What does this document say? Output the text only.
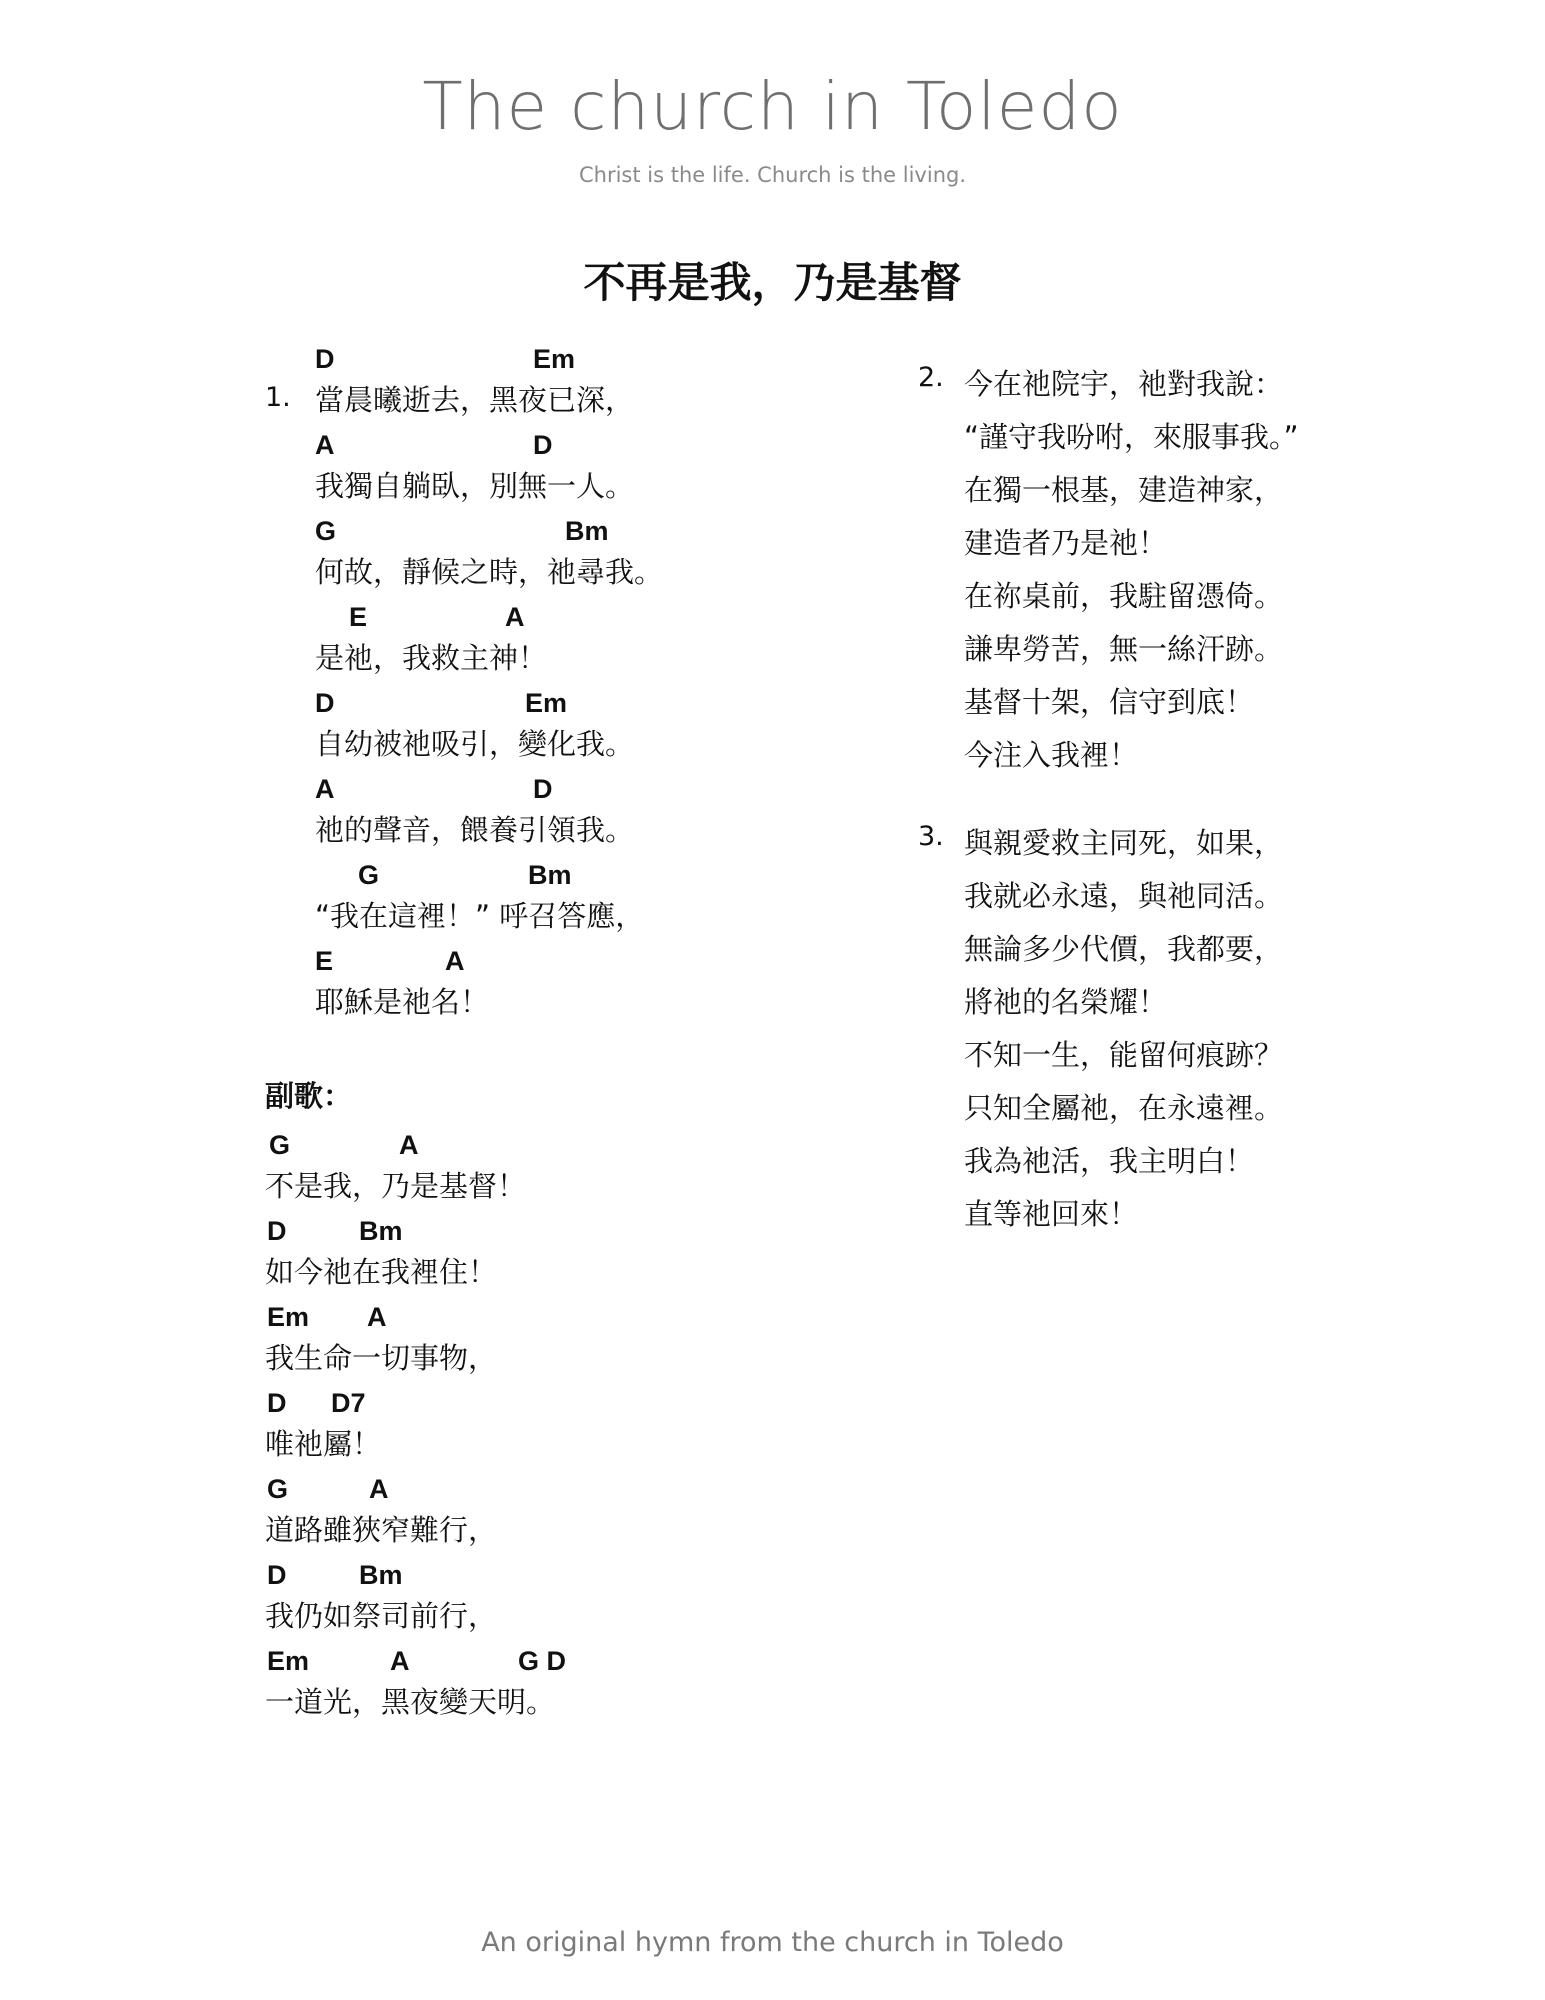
The church in Toledo

Christ is the life. Church is the living.

不再是我，乃是基督
1.
D	Em
當晨曦逝去，黑夜已深，
A	D
我獨自躺臥，別無一人。
G	Bm
何故，靜候之時，祂尋我。
E	A
是祂，我救主神！
D	Em
自幼被祂吸引，變化我。
A	D
祂的聲音，餵養引領我。
G	Bm
“我在這裡！” 呼召答應，
E	A
耶穌是祂名！

副歌：

G	A
不是我，乃是基督！
D	Bm
如今祂在我裡住！
Em A
我生命一切事物，
D D7
唯祂屬！
G	A
道路雖狹窄難行，
D	Bm
我仍如祭司前行，
Em	A	G D
一道光，黑夜變天明。
2. 今在祂院宇，祂對我說：
“謹守我吩咐，來服事我。”
在獨一根基，建造神家，
建造者乃是祂！
在祢桌前，我駐留憑倚。
謙卑勞苦，無一絲汗跡。
基督十架，信守到底！
今注入我裡！
3. 與親愛救主同死，如果，
我就必永遠，與祂同活。
無論多少代價，我都要，
將祂的名榮耀！
不知一生，能留何痕跡？
只知全屬祂，在永遠裡。
我為祂活，我主明白！
直等祂回來！

An original hymn from the church in Toledo
